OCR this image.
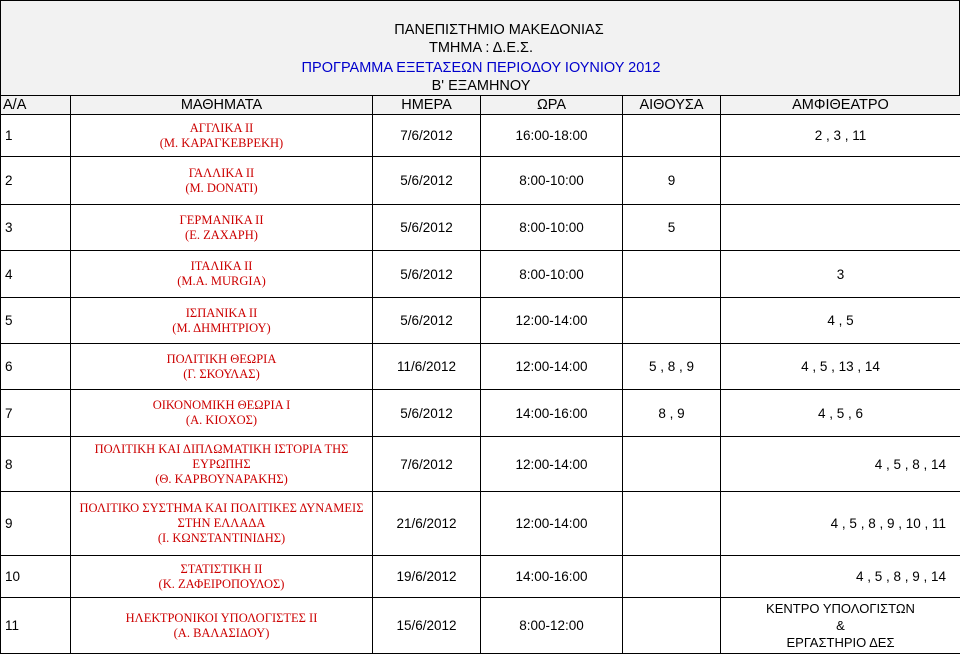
ΠΑΝΕΠΙΣΤΗΜΙΟ ΜΑΚΕΔΟΝΙΑΣ
ΤΜΗΜΑ : Δ.Ε.Σ.
ΠΡΟΓΡΑΜΜΑ ΕΞΕΤΑΣΕΩΝ ΠΕΡΙΟΔΟΥ ΙΟΥΝΙΟΥ 2012
Β' ΕΞΑΜΗΝΟΥ
Α/Α	ΜΑΘΗΜΑΤΑ	ΗΜΕΡΑ	ΩΡΑ	ΑΙΘΟΥΣΑ	ΑΜΦΙΘΕΑΤΡΟ
1	ΑΓΓΛΙΚΑ ΙΙ
(Μ. ΚΑΡΑΓΚΕΒΡΕΚΗ)	7/6/2012	16:00-18:00		2 , 3 , 11
2	ΓΑΛΛΙΚΑ ΙΙ
(M. DONATI)	5/6/2012	8:00-10:00	9	
3	ΓΕΡΜΑΝΙΚΑ ΙΙ
(Ε. ΖΑΧΑΡΗ)	5/6/2012	8:00-10:00	5	
4	ΙΤΑΛΙΚΑ ΙΙ
(M.A. MURGIA)	5/6/2012	8:00-10:00		3
5	ΙΣΠΑΝΙΚΑ ΙΙ
(Μ. ΔΗΜΗΤΡΙΟΥ)	5/6/2012	12:00-14:00		4 , 5
6	ΠΟΛΙΤΙΚΗ ΘΕΩΡΙΑ
(Γ. ΣΚΟΥΛΑΣ)	11/6/2012	12:00-14:00	5 , 8 , 9	4 , 5 , 13 , 14
7	ΟΙΚΟΝΟΜΙΚΗ ΘΕΩΡΙΑ Ι
(Α. ΚΙΟΧΟΣ)	5/6/2012	14:00-16:00	8 , 9	4 , 5 , 6
8	ΠΟΛΙΤΙΚΗ ΚΑΙ ΔΙΠΛΩΜΑΤΙΚΗ ΙΣΤΟΡΙΑ ΤΗΣ ΕΥΡΩΠΗΣ
(Θ. ΚΑΡΒΟΥΝΑΡΑΚΗΣ)	7/6/2012	12:00-14:00		4 , 5 , 8 , 14
9	ΠΟΛΙΤΙΚΟ ΣΥΣΤΗΜΑ ΚΑΙ ΠΟΛΙΤΙΚΕΣ ΔΥΝΑΜΕΙΣ
ΣΤΗΝ ΕΛΛΑΔΑ
(Ι. ΚΩΝΣΤΑΝΤΙΝΙΔΗΣ)	21/6/2012	12:00-14:00		4 , 5 , 8 , 9 , 10 , 11
10	ΣΤΑΤΙΣΤΙΚΗ ΙΙ
(Κ. ΖΑΦΕΙΡΟΠΟΥΛΟΣ)	19/6/2012	14:00-16:00		4 , 5 , 8 , 9 , 14
11	ΗΛΕΚΤΡΟΝΙΚΟΙ ΥΠΟΛΟΓΙΣΤΕΣ ΙΙ
(Α. ΒΑΛΑΣΙΔΟΥ)	15/6/2012	8:00-12:00		ΚΕΝΤΡΟ ΥΠΟΛΟΓΙΣΤΩΝ
&
ΕΡΓΑΣΤΗΡΙΟ ΔΕΣ
